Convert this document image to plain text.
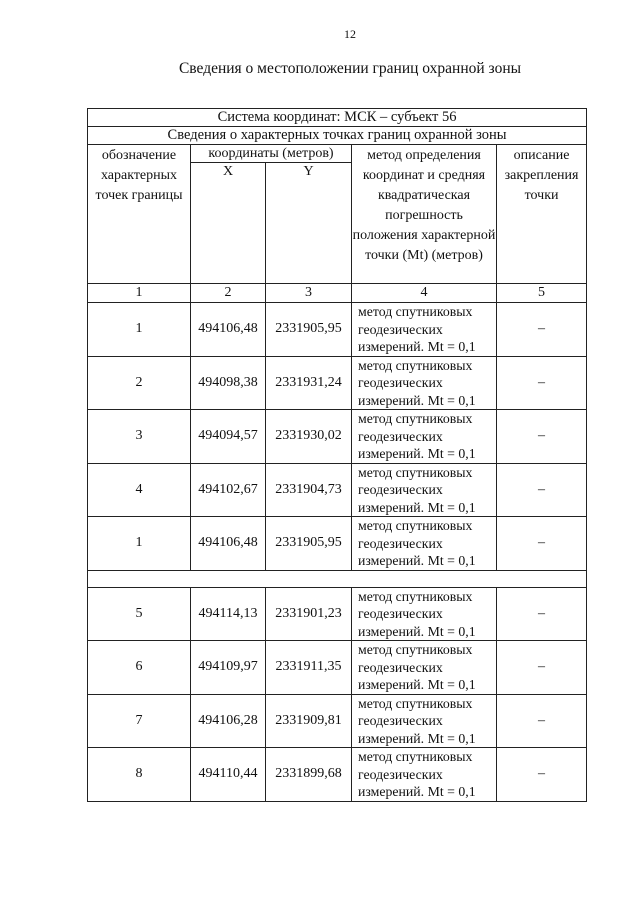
12
Сведения о местоположении границ охранной зоны
Система координат: МСК – субъект 56				
Сведения о характерных точках границ охранной зоны				
обозначение характерных точек границы	координаты (метров)		метод определения координат и средняя квадратическая погрешность положения характерной точки (Mt) (метров)	описание закрепления точки
	X	Y		
1	2	3	4	5
1	494106,48	2331905,95	метод спутниковых геодезических измерений. Mt = 0,1	–
2	494098,38	2331931,24	метод спутниковых геодезических измерений. Mt = 0,1	–
3	494094,57	2331930,02	метод спутниковых геодезических измерений. Mt = 0,1	–
4	494102,67	2331904,73	метод спутниковых геодезических измерений. Mt = 0,1	–
1	494106,48	2331905,95	метод спутниковых геодезических измерений. Mt = 0,1	–

5	494114,13	2331901,23	метод спутниковых геодезических измерений. Mt = 0,1	–
6	494109,97	2331911,35	метод спутниковых геодезических измерений. Mt = 0,1	–
7	494106,28	2331909,81	метод спутниковых геодезических измерений. Mt = 0,1	–
8	494110,44	2331899,68	метод спутниковых геодезических измерений. Mt = 0,1	–
